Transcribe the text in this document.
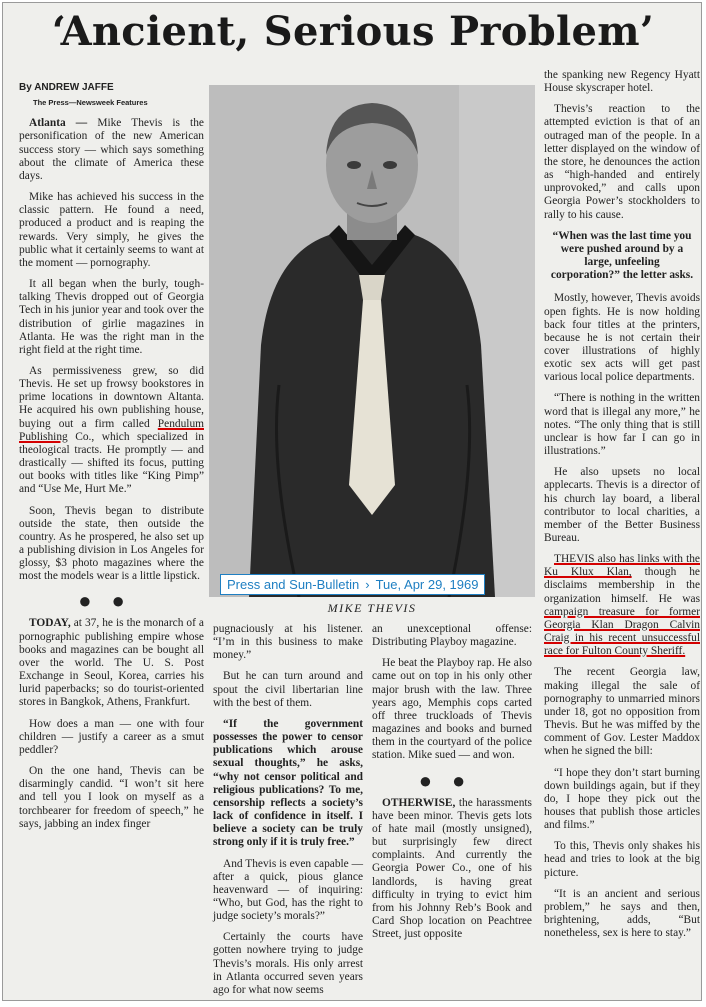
‘Ancient, Serious Problem’

By ANDREW JAFFE

The Press—Newsweek Features

Atlanta — Mike Thevis is the personification of the new American success story — which says something about the climate of America these days.

Mike has achieved his success in the classic pattern. He found a need, produced a product and is reaping the rewards. Very simply, he gives the public what it certainly seems to want at the moment — pornography.

It all began when the burly, tough-talking Thevis dropped out of Georgia Tech in his junior year and took over the distribution of girlie magazines in Atlanta. He was the right man in the right field at the right time.

As permissiveness grew, so did Thevis. He set up frowsy bookstores in prime locations in downtown Altanta. He acquired his own publishing house, buying out a firm called Pendulum Publishing Co., which specialized in theological tracts. He promptly — and drastically — shifted its focus, putting out books with titles like “King Pimp” and “Use Me, Hurt Me.”

Soon, Thevis began to distribute outside the state, then outside the country. As he prospered, he also set up a publishing division in Los Angeles for glossy, $3 photo magazines where the most the models wear is a little lipstick.

●●

TODAY, at 37, he is the monarch of a pornographic publishing empire whose books and magazines can be bought all over the world. The U. S. Post Exchange in Seoul, Korea, carries his lurid paperbacks; so do tourist-oriented stores in Bangkok, Athens, Frankfurt.

How does a man — one with four children — justify a career as a smut peddler?

On the one hand, Thevis can be disarmingly candid. “I won’t sit here and tell you I look on myself as a torchbearer for freedom of speech,” he says, jabbing an index finger

Press and Sun-Bulletin › Tue, Apr 29, 1969
MIKE THEVIS

pugnaciously at his listener. “I’m in this business to make money.”

But he can turn around and spout the civil libertarian line with the best of them.

“If the government possesses the power to censor publications which arouse sexual thoughts,” he asks, “why not censor political and religious publications? To me, censorship reflects a society’s lack of confidence in itself. I believe a society can be truly strong only if it is truly free.”

And Thevis is even capable — after a quick, pious glance heavenward — of inquiring: “Who, but God, has the right to judge society’s morals?”

Certainly the courts have gotten nowhere trying to judge Thevis’s morals. His only arrest in Atlanta occurred seven years ago for what now seems

an unexceptional offense: Distributing Playboy magazine.

He beat the Playboy rap. He also came out on top in his only other major brush with the law. Three years ago, Memphis cops carted off three truckloads of Thevis magazines and books and burned them in the courtyard of the police station. Mike sued — and won.

●●

OTHERWISE, the harassments have been minor. Thevis gets lots of hate mail (mostly unsigned), but surprisingly few direct complaints. And currently the Georgia Power Co., one of his landlords, is having great difficulty in trying to evict him from his Johnny Reb’s Book and Card Shop location on Peachtree Street, just opposite

the spanking new Regency Hyatt House skyscraper hotel.

Thevis’s reaction to the attempted eviction is that of an outraged man of the people. In a letter displayed on the window of the store, he denounces the action as “high-handed and entirely unprovoked,” and calls upon Georgia Power’s stockholders to rally to his cause.

“When was the last time you were pushed around by a large, unfeeling corporation?” the letter asks.

Mostly, however, Thevis avoids open fights. He is now holding back four titles at the printers, because he is not certain their cover illustrations of highly exotic sex acts will get past various local police departments.

“There is nothing in the written word that is illegal any more,” he notes. “The only thing that is still unclear is how far I can go in illustrations.”

He also upsets no local applecarts. Thevis is a director of his church lay board, a liberal contributor to local charities, a member of the Better Business Bureau.

THEVIS also has links with the Ku Klux Klan, though he disclaims membership in the organization himself. He was campaign treasure for former Georgia Klan Dragon Calvin Craig in his recent unsuccessful race for Fulton County Sheriff.

The recent Georgia law, making illegal the sale of pornography to unmarried minors under 18, got no opposition from Thevis. But he was miffed by the comment of Gov. Lester Maddox when he signed the bill:

“I hope they don’t start burning down buildings again, but if they do, I hope they pick out the houses that publish those articles and films.”

To this, Thevis only shakes his head and tries to look at the big picture.

“It is an ancient and serious problem,” he says and then, brightening, adds, “But nonetheless, sex is here to stay.”
